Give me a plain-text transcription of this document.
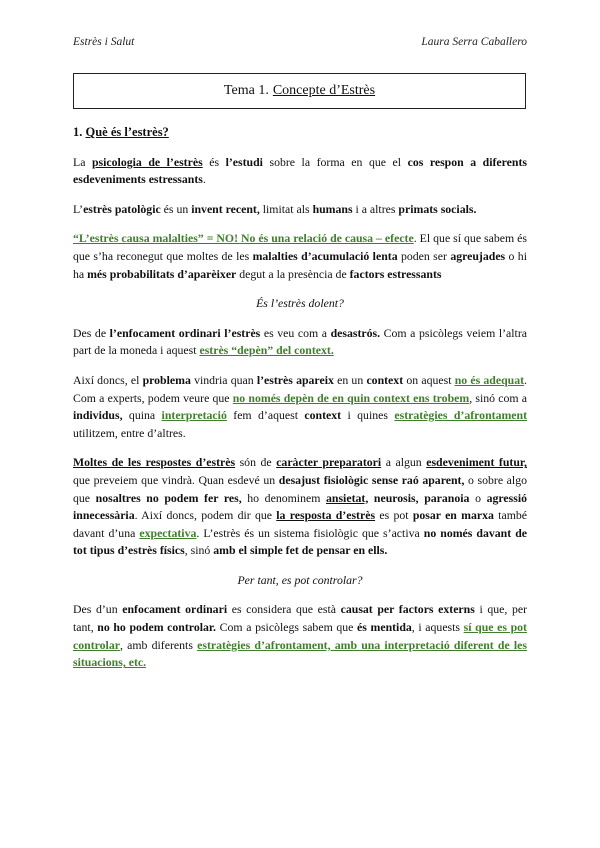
Estrès i Salut	Laura Serra Caballero
Tema 1. Concepte d’Estrès
1. Què és l’estrès?

La psicologia de l’estrès és l’estudi sobre la forma en que el cos respon a diferents esdeveniments estressants.

L’estrès patològic és un invent recent, limitat als humans i a altres primats socials.

“L’estrès causa malalties” = NO! No és una relació de causa – efecte. El que sí que sabem és que s’ha reconegut que moltes de les malalties d’acumulació lenta poden ser agreujades o hi ha més probabilitats d’aparèixer degut a la presència de factors estressants

És l’estrès dolent?

Des de l’enfocament ordinari l’estrès es veu com a desastrós. Com a psicòlegs veiem l’altra part de la moneda i aquest estrès “depèn” del context.

Així doncs, el problema vindria quan l’estrès apareix en un context on aquest no és adequat. Com a experts, podem veure que no només depèn de en quin context ens trobem, sinó com a individus, quina interpretació fem d’aquest context i quines estratègies d’afrontament utilitzem, entre d’altres.

Moltes de les respostes d’estrès són de caràcter preparatori a algun esdeveniment futur, que preveiem que vindrà. Quan esdevé un desajust fisiològic sense raó aparent, o sobre algo que nosaltres no podem fer res, ho denominem ansietat, neurosis, paranoia o agressió innecessària. Així doncs, podem dir que la resposta d’estrès es pot posar en marxa també davant d’una expectativa. L’estrès és un sistema fisiològic que s’activa no només davant de tot tipus d’estrès físics, sinó amb el simple fet de pensar en ells.

Per tant, es pot controlar?

Des d’un enfocament ordinari es considera que està causat per factors externs i que, per tant, no ho podem controlar. Com a psicòlegs sabem que és mentida, i aquests sí que es pot controlar, amb diferents estratègies d’afrontament, amb una interpretació diferent de les situacions, etc.
